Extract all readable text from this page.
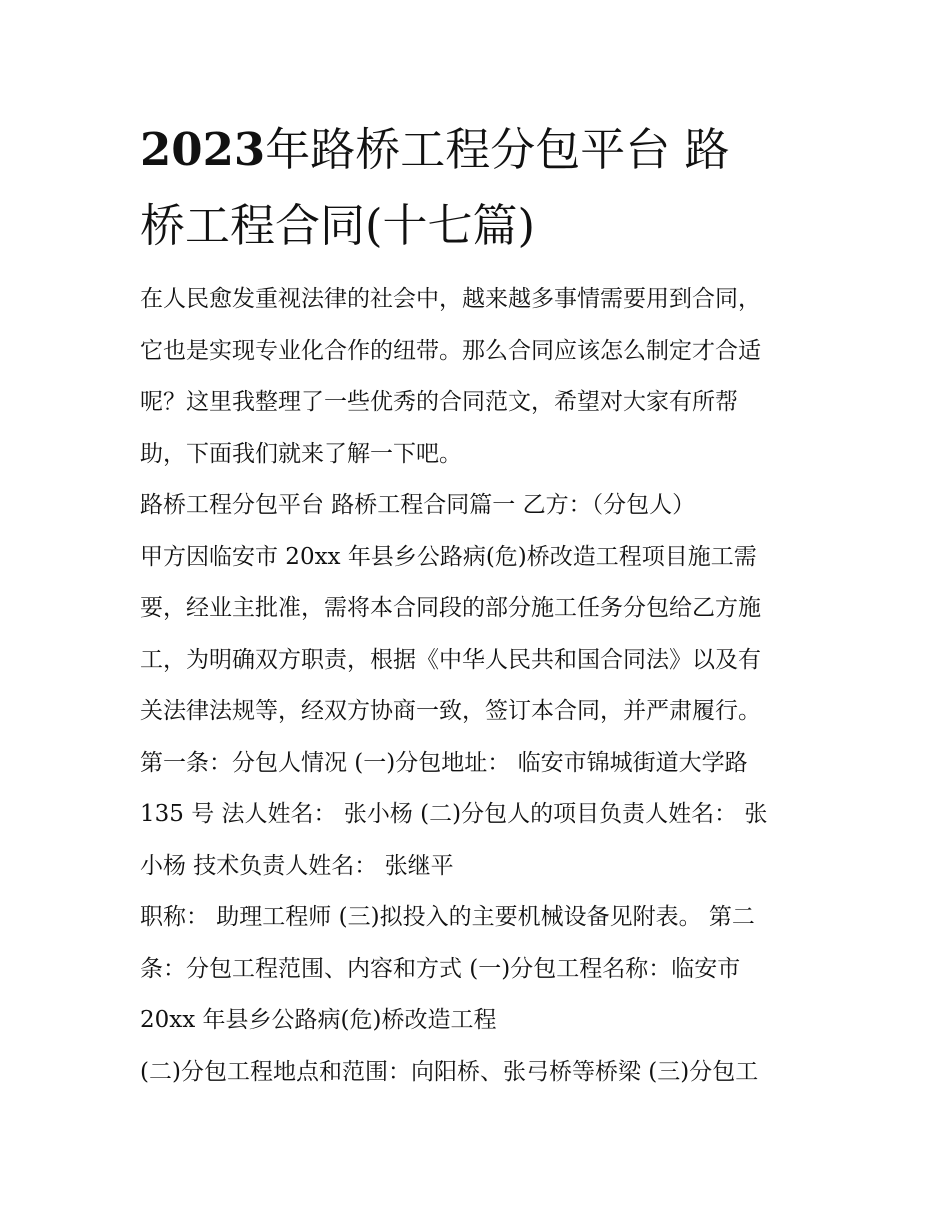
2023年路桥工程分包平台 路
桥工程合同(十七篇)
在人民愈发重视法律的社会中，越来越多事情需要用到合同，
它也是实现专业化合作的纽带。那么合同应该怎么制定才合适
呢？这里我整理了一些优秀的合同范文，希望对大家有所帮
助，下面我们就来了解一下吧。
路桥工程分包平台 路桥工程合同篇一 乙方：（分包人）
甲方因临安市 20xx 年县乡公路病(危)桥改造工程项目施工需
要，经业主批准，需将本合同段的部分施工任务分包给乙方施
工，为明确双方职责，根据《中华人民共和国合同法》以及有
关法律法规等，经双方协商一致，签订本合同，并严肃履行。
第一条：分包人情况 (一)分包地址： 临安市锦城街道大学路
135 号 法人姓名： 张小杨 (二)分包人的项目负责人姓名： 张
小杨 技术负责人姓名： 张继平
职称： 助理工程师 (三)拟投入的主要机械设备见附表。 第二
条：分包工程范围、内容和方式 (一)分包工程名称：临安市
20xx 年县乡公路病(危)桥改造工程
(二)分包工程地点和范围：向阳桥、张弓桥等桥梁 (三)分包工
